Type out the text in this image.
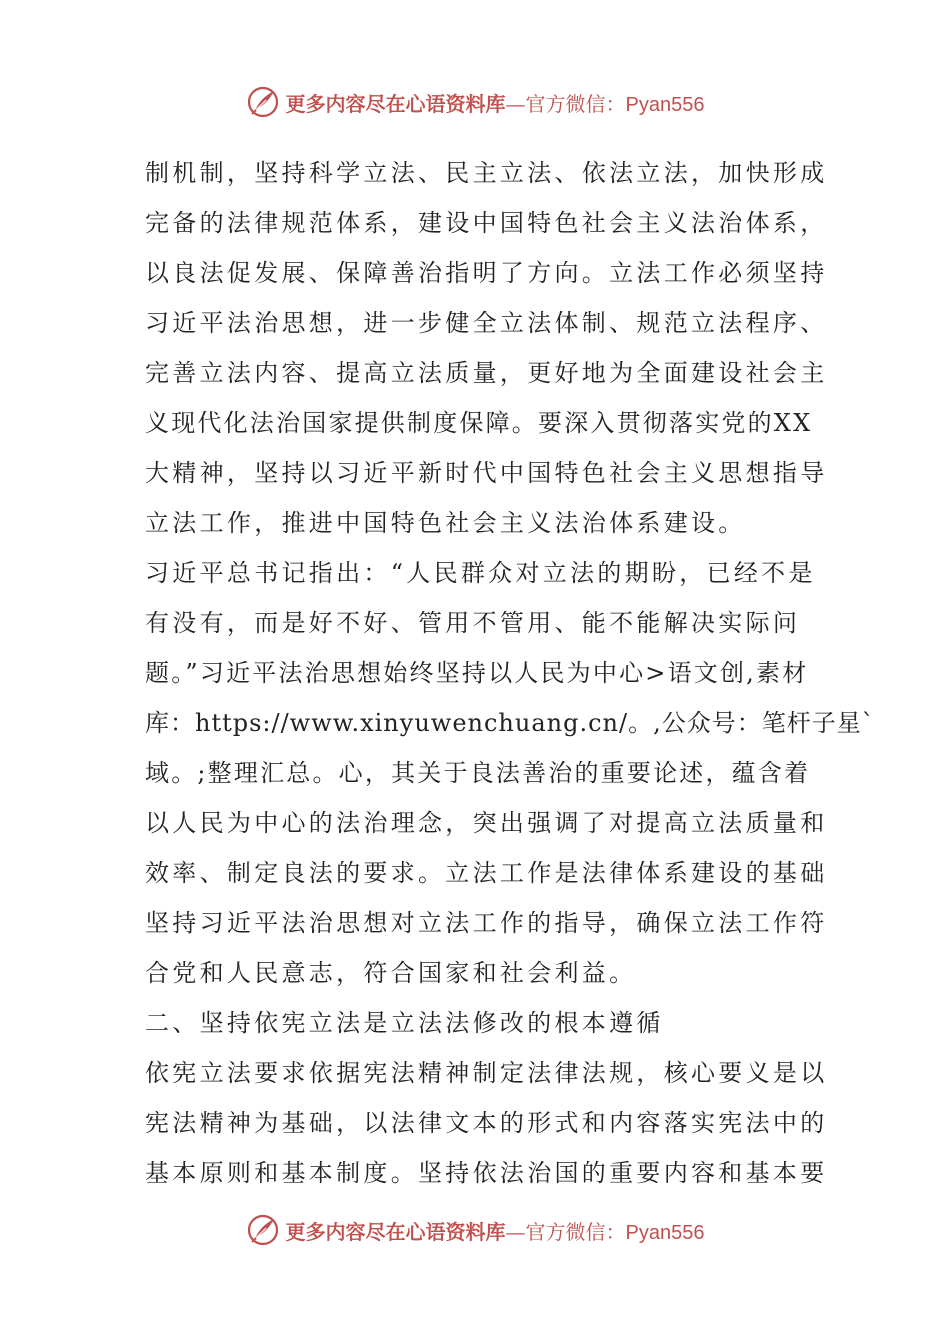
更多内容尽在心语资料库—官方微信：Pyan556
制机制，坚持科学立法、民主立法、依法立法，加快形成
完备的法律规范体系，建设中国特色社会主义法治体系，
以良法促发展、保障善治指明了方向。立法工作必须坚持
习近平法治思想，进一步健全立法体制、规范立法程序、
完善立法内容、提高立法质量，更好地为全面建设社会主
义现代化法治国家提供制度保障。要深入贯彻落实党的XX
大精神，坚持以习近平新时代中国特色社会主义思想指导
立法工作，推进中国特色社会主义法治体系建设。
习近平总书记指出：“人民群众对立法的期盼，已经不是
有没有，而是好不好、管用不管用、能不能解决实际问
题。”习近平法治思想始终坚持以人民为中心>语文创,素材
库：https://www.xinyuwenchuang.cn/。,公众号：笔杆子星`
域。;整理汇总。心，其关于良法善治的重要论述，蕴含着
以人民为中心的法治理念，突出强调了对提高立法质量和
效率、制定良法的要求。立法工作是法律体系建设的基础
坚持习近平法治思想对立法工作的指导，确保立法工作符
合党和人民意志，符合国家和社会利益。
二、坚持依宪立法是立法法修改的根本遵循
依宪立法要求依据宪法精神制定法律法规，核心要义是以
宪法精神为基础，以法律文本的形式和内容落实宪法中的
基本原则和基本制度。坚持依法治国的重要内容和基本要
更多内容尽在心语资料库—官方微信：Pyan556
